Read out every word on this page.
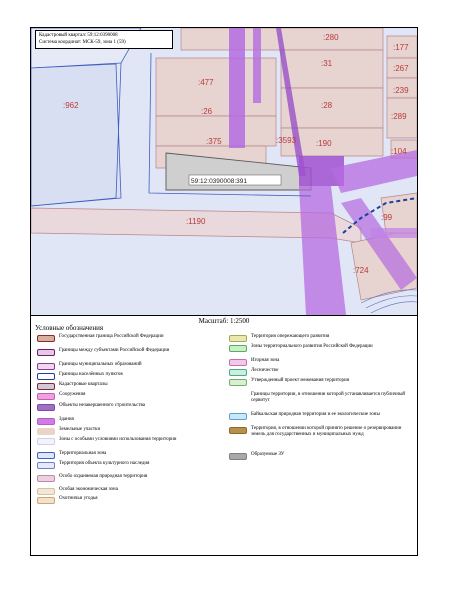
:962
:280
:31
:177
:267
:477
:239
:28
:26
:289
:375	:3593 :190
:104
59:12:0390008:391
:1190	:99
:724
Кадастровый квартал: 59:12:0390008
Система координат: МСК-59, зона 1 (59)
Масштаб: 1:2500
Условные обозначения
Государственная граница Российской Федерации
Границы между субъектами Российской Федерации
Границы муниципальных образований
Границы населённых пунктов
Кадастровые кварталы
Сооружения
Объекты незавершенного строительства
Здания
Земельные участки
Зоны с особыми условиями использования территории
Территориальная зона
Территория объекта культурного наследия
Особо охраняемая природная территория
Особая экономическая зона
Охотничьи угодья
Территория опережающего развития
Зоны территориального развития Российской Федерации
Игорная зона
Лесничество
Утвержденный проект межевания территории
Границы территории, в отношении которой устанавливается публичный сервитут
Байкальская природная территория и ее экологические зоны
Территория, в отношении которой принято решение о резервировании земель для государственных и муниципальных нужд
Образуемые ЗУ
